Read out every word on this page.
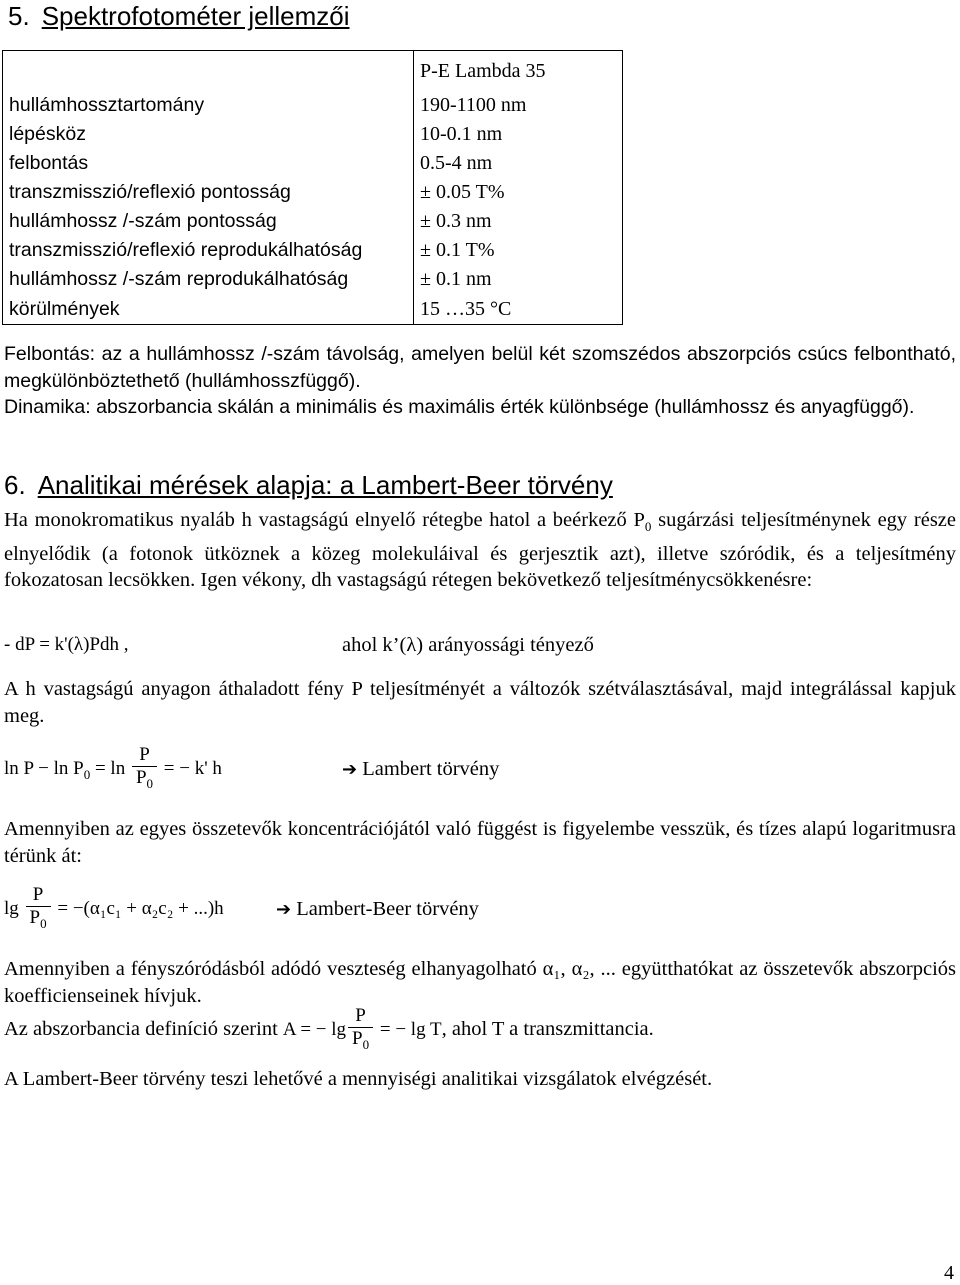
5. Spektrofotométer jellemzői
	P-E Lambda 35
hullámhossztartomány	190-1100 nm
lépésköz	10-0.1 nm
felbontás	0.5-4 nm
transzmisszió/reflexió pontosság	± 0.05 T%
hullámhossz /-szám pontosság	± 0.3 nm
transzmisszió/reflexió reprodukálhatóság	± 0.1 T%
hullámhossz /-szám reprodukálhatóság	± 0.1 nm
körülmények	15 …35 °C
Felbontás: az a hullámhossz /-szám távolság, amelyen belül két szomszédos abszorpciós csúcs felbontható, megkülönböztethető (hullámhosszfüggő).
Dinamika: abszorbancia skálán a minimális és maximális érték különbsége (hullámhossz és anyagfüggő).
6. Analitikai mérések alapja: a Lambert-Beer törvény
Ha monokromatikus nyaláb h vastagságú elnyelő rétegbe hatol a beérkező $P_0$ sugárzási teljesítménynek egy része elnyelődik (a fotonok ütköznek a közeg molekuláival és gerjesztik azt), illetve szóródik, és a teljesítmény fokozatosan lecsökken. Igen vékony, dh vastagságú rétegen bekövetkező teljesítménycsökkenésre:
- dP = k'(λ)Pdh ,	ahol k’(λ) arányossági tényező
A h vastagságú anyagon áthaladott fény P teljesítményét a változók szétválasztásával, majd integrálással kapjuk meg.
$\ln P - \ln P_0 = \ln \frac{P}{P_0}$ = − k' h	➔ Lambert törvény
Amennyiben az egyes összetevők koncentrációjától való függést is figyelembe vesszük, és tízes alapú logaritmusra térünk át:
$\lg \frac{P}{P_0} = -(\alpha_1c_1 + \alpha_2c_2 + ...)h$	➔ Lambert-Beer törvény
Amennyiben a fényszóródásból adódó veszteség elhanyagolható α₁, α₂, ... együtthatókat az összetevők abszorpciós koefficienseinek hívjuk.
Az abszorbancia definíció szerint A = − $\lg \frac{P}{P_0}$ = − lg T, ahol T a transzmittancia.
A Lambert-Beer törvény teszi lehetővé a mennyiségi analitikai vizsgálatok elvégzését.
4
